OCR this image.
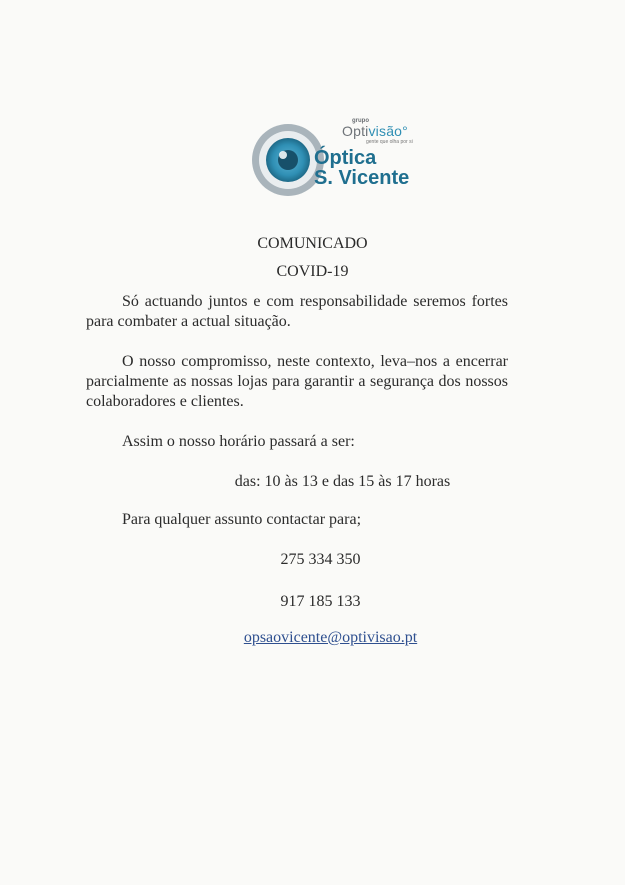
grupo
Optivisão°
gente que olha por si
Óptica
S. Vicente
COMUNICADO
COVID-19
Só actuando juntos e com responsabilidade seremos fortes
para combater a actual situação.
O nosso compromisso, neste contexto, leva–nos a encerrar
parcialmente as nossas lojas para garantir a segurança dos nossos
colaboradores e clientes.
Assim o nosso horário passará a ser:
das: 10 às 13 e das 15 às 17 horas
Para qualquer assunto contactar para;
275 334 350
917 185 133
opsaovicente@optivisao.pt
